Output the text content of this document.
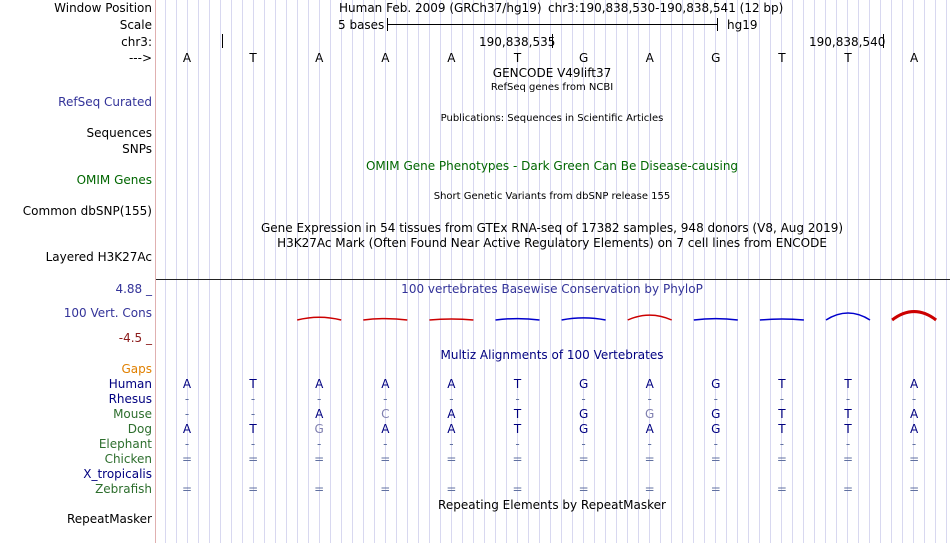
Window Position	Human Feb. 2009 (GRCh37/hg19) chr3:190,838,530-190,838,541 (12 bp)
Scale	5 bases	hg19
chr3:	190,838,535	190,838,540
--->	A	T	A	A	A	T	G	A	G	T	T	A
GENCODE V49lift37
RefSeq genes from NCBI
RefSeq Curated
Sequences
Publications: Sequences in Scientific Articles
SNPs
OMIM Gene Phenotypes - Dark Green Can Be Disease-causing
OMIM Genes
Short Genetic Variants from dbSNP release 155
Common dbSNP(155)
Gene Expression in 54 tissues from GTEx RNA-seq of 17382 samples, 948 donors (V8, Aug 2019)
H3K27Ac Mark (Often Found Near Active Regulatory Elements) on 7 cell lines from ENCODE
Layered H3K27Ac
4.88 _	100 vertebrates Basewise Conservation by PhyloP
100 Vert. Cons
-4.5 _
Multiz Alignments of 100 Vertebrates
Gaps
Human	A	T	A	A	A	T	G	A	G	T	T	A
Rhesus	-	-	-	-	-	-	-	-	-	-	-	-
Mouse	-	-	A	C	A	T	G	G	G	T	T	A
Dog	A	T	G	A	A	T	G	A	G	T	T	A
Elephant	-	-	-	-	-	-	-	-	-	-	-	-
Chicken =	=	=	=	=	=	=	=	=	=	=	=
X_tropicalis
Zebrafish =	=	=	=	=	=	=	=	=	=	=	=
Repeating Elements by RepeatMasker
RepeatMasker
